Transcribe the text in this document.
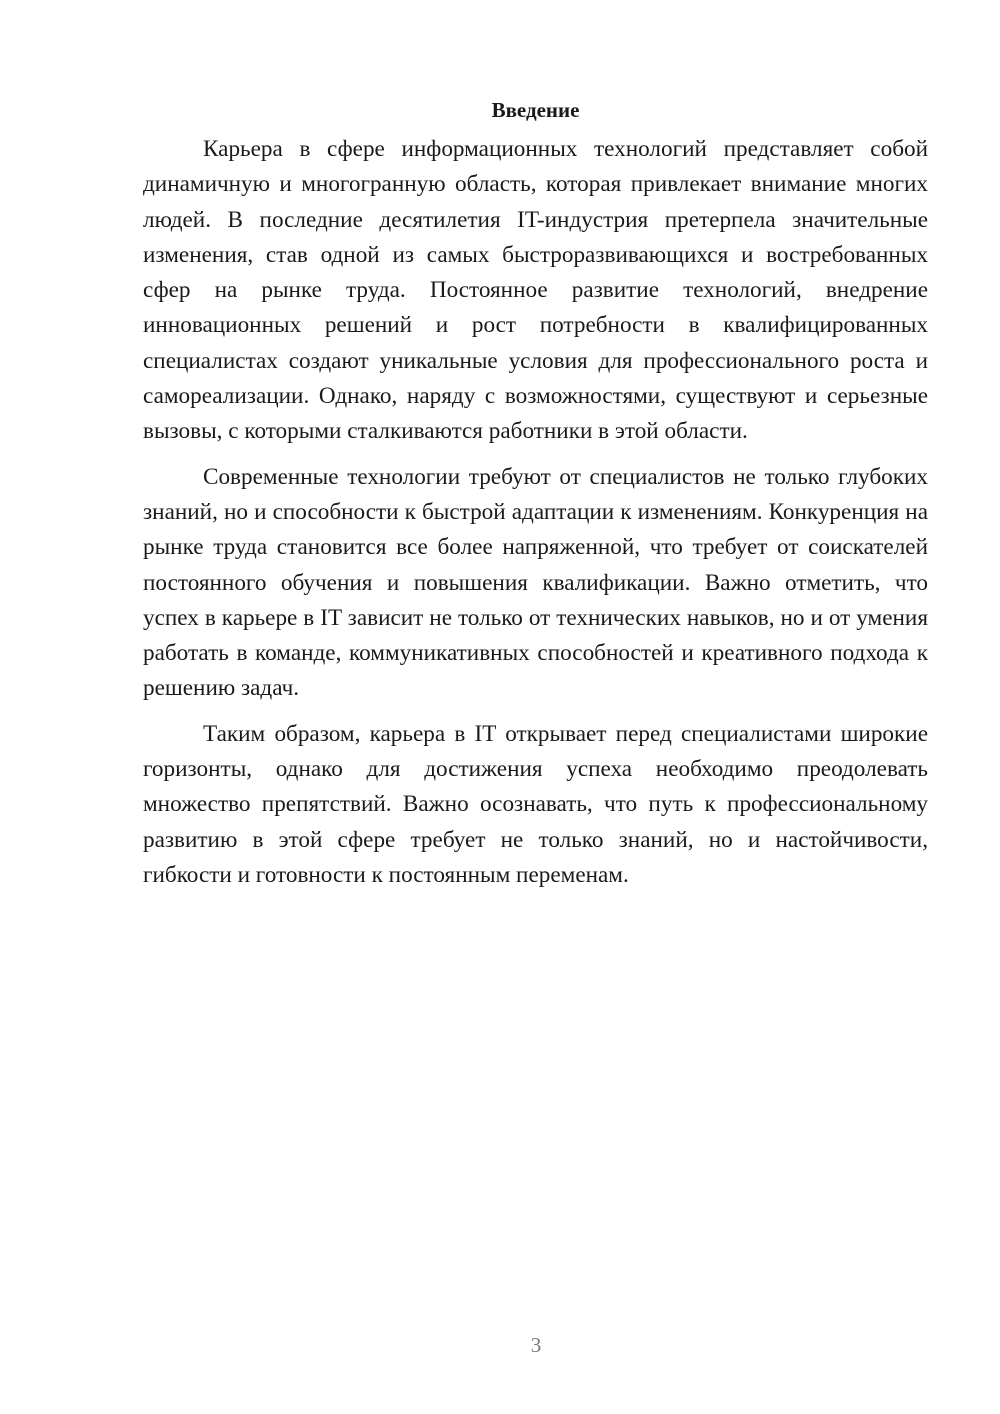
Введение

Карьера в сфере информационных технологий представляет собой динамичную и многогранную область, которая привлекает внимание многих людей. В последние десятилетия IT-индустрия претерпела значительные изменения, став одной из самых быстроразвивающихся и востребованных сфер на рынке труда. Постоянное развитие технологий, внедрение инновационных решений и рост потребности в квалифицированных специалистах создают уникальные условия для профессионального роста и самореализации. Однако, наряду с возможностями, существуют и серьезные вызовы, с которыми сталкиваются работники в этой области.

Современные технологии требуют от специалистов не только глубоких знаний, но и способности к быстрой адаптации к изменениям. Конкуренция на рынке труда становится все более напряженной, что требует от соискателей постоянного обучения и повышения квалификации. Важно отметить, что успех в карьере в IT зависит не только от технических навыков, но и от умения работать в команде, коммуникативных способностей и креативного подхода к решению задач.

Таким образом, карьера в IT открывает перед специалистами широкие горизонты, однако для достижения успеха необходимо преодолевать множество препятствий. Важно осознавать, что путь к профессиональному развитию в этой сфере требует не только знаний, но и настойчивости, гибкости и готовности к постоянным переменам.

3
